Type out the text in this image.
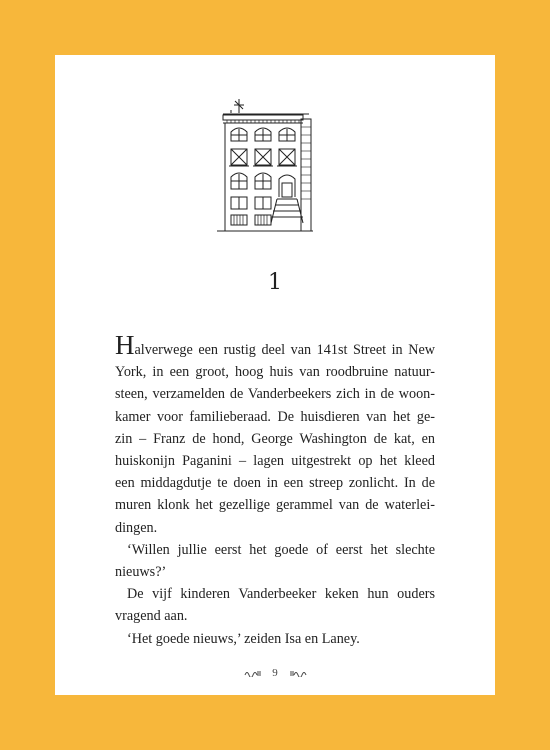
1

Halverwege een rustig deel van 141st Street in New
York, in een groot, hoog huis van roodbruine natuur-
steen, verzamelden de Vanderbeekers zich in de woon-
kamer voor familieberaad. De huisdieren van het ge-
zin – Franz de hond, George Washington de kat, en
huiskonijn Paganini – lagen uitgestrekt op het kleed
een middagdutje te doen in een streep zonlicht. In de
muren klonk het gezellige gerammel van de waterlei-
dingen.

‘Willen jullie eerst het goede of eerst het slechte
nieuws?’

De vijf kinderen Vanderbeeker keken hun ouders
vragend aan.

‘Het goede nieuws,’ zeiden Isa en Laney.

9
